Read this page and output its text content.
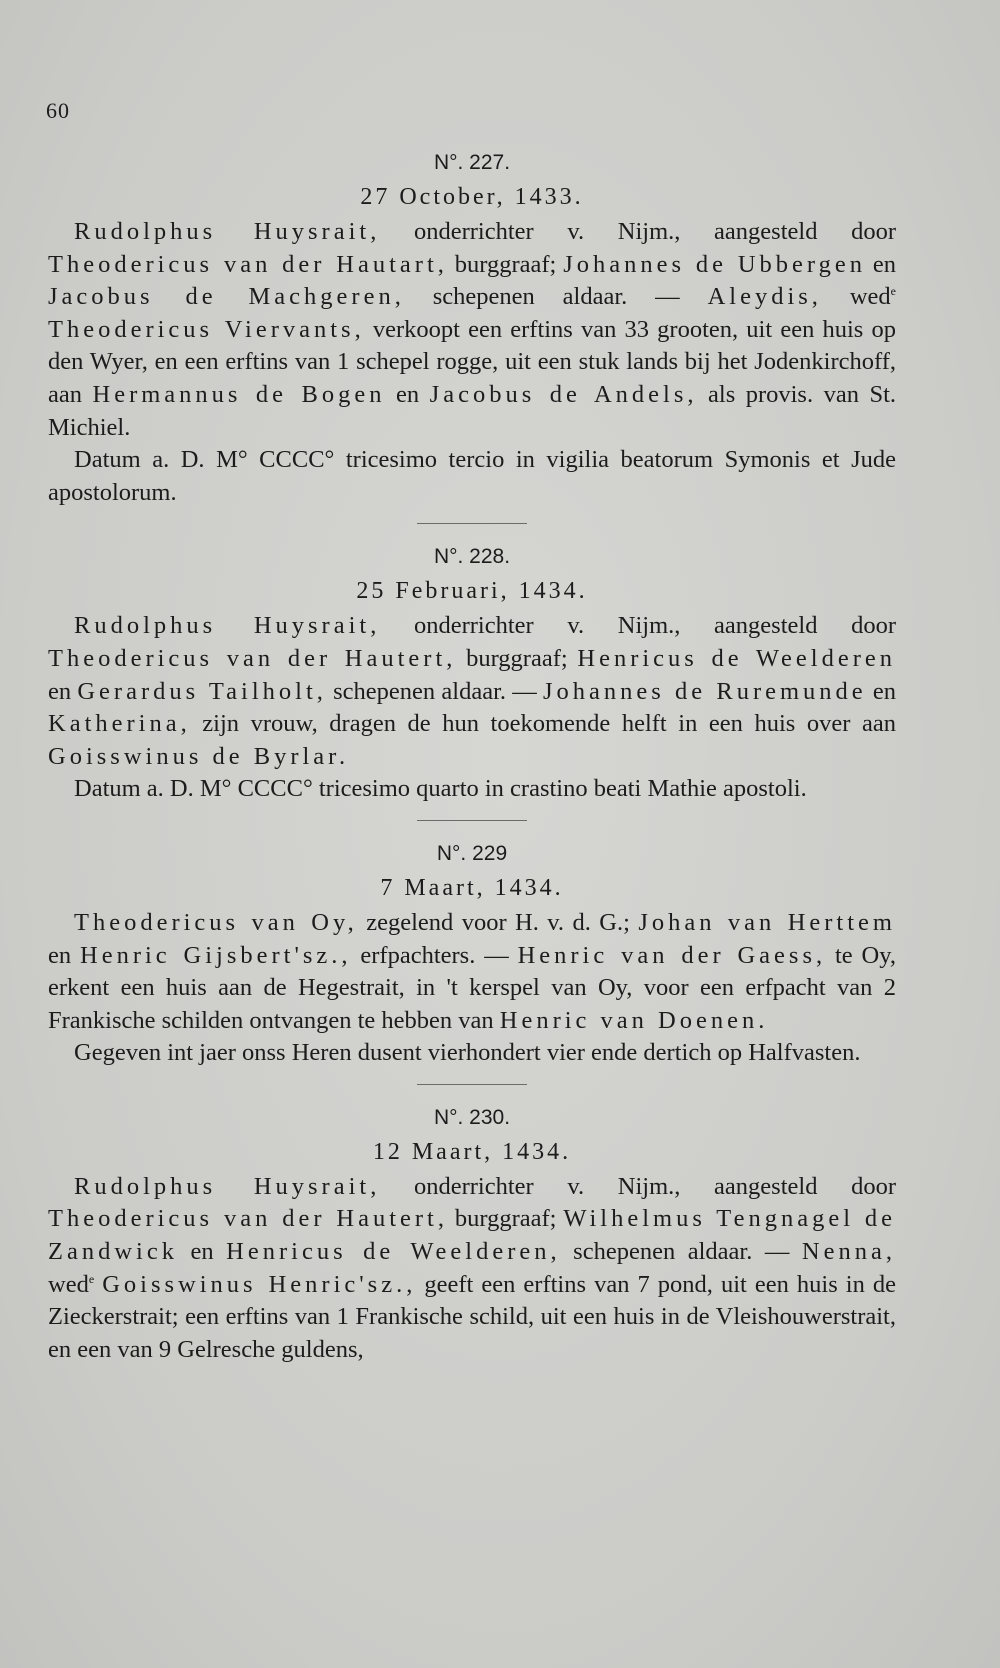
60
N°. 227.
27 October, 1433.

Rudolphus Huysrait, onderrichter v. Nijm., aangesteld door Theodericus van der Hautart, burggraaf; Johannes de Ubbergen en Jacobus de Machgeren, schepenen aldaar. — Aleydis, wed$^e$ Theodericus Viervants, verkoopt een erftins van 33 grooten, uit een huis op den Wyer, en een erftins van 1 schepel rogge, uit een stuk lands bij het Jodenkirchoff, aan Hermannus de Bogen en Jacobus de Andels, als provis. van St. Michiel.

Datum a. D. M° CCCC° tricesimo tercio in vigilia beatorum Symonis et Jude apostolorum.

N°. 228.
25 Februari, 1434.

Rudolphus Huysrait, onderrichter v. Nijm., aangesteld door Theodericus van der Hautert, burggraaf; Henricus de Weelderen en Gerardus Tailholt, schepenen aldaar. — Johannes de Ruremunde en Katherina, zijn vrouw, dragen de hun toekomende helft in een huis over aan Goisswinus de Byrlar.

Datum a. D. M° CCCC° tricesimo quarto in crastino beati Mathie apostoli.

N°. 229
7 Maart, 1434.

Theodericus van Oy, zegelend voor H. v. d. G.; Johan van Herttem en Henric Gijsbert'sz., erfpachters. — Henric van der Gaess, te Oy, erkent een huis aan de Hegestrait, in 't kerspel van Oy, voor een erfpacht van 2 Frankische schilden ontvangen te hebben van Henric van Doenen.

Gegeven int jaer onss Heren dusent vierhondert vier ende dertich op Halfvasten.

N°. 230.
12 Maart, 1434.

Rudolphus Huysrait, onderrichter v. Nijm., aangesteld door Theodericus van der Hautert, burggraaf; Wilhelmus Tengnagel de Zandwick en Henricus de Weelderen, schepenen aldaar. — Nenna, wed$^e$ Goisswinus Henric'sz., geeft een erftins van 7 pond, uit een huis in de Zieckerstrait; een erftins van 1 Frankische schild, uit een huis in de Vleishouwerstrait, en een van 9 Gelresche guldens,
